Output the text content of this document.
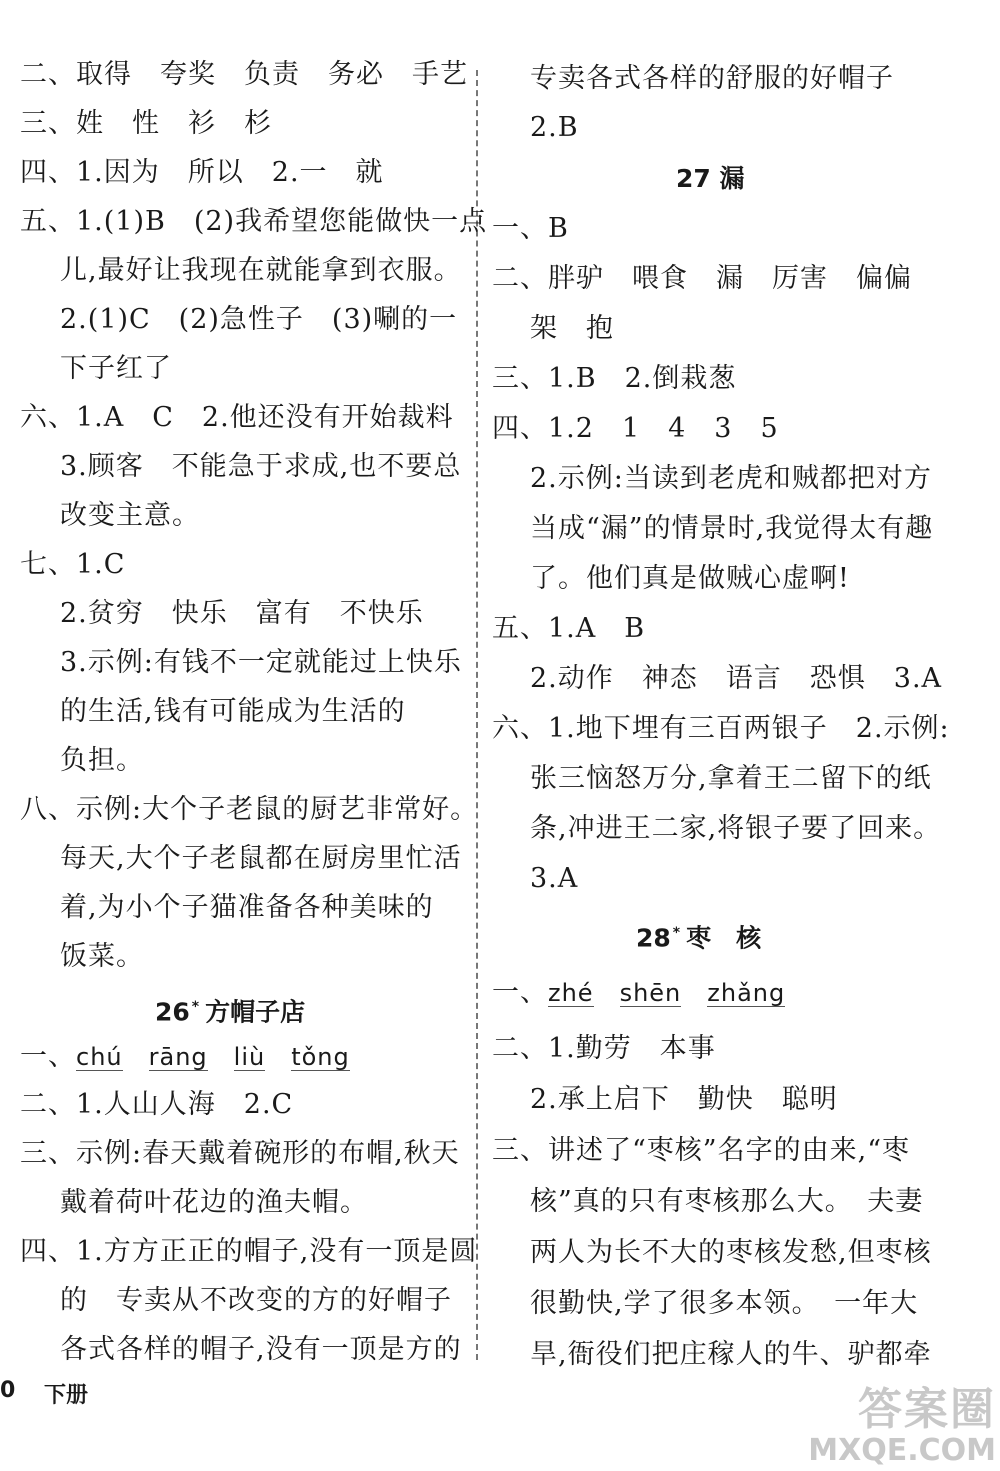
二、取得　夸奖　负责　务必　手艺
三、姓　性　衫　杉
四、1.因为　所以　2.一　就
五、1.(1)B　(2)我希望您能做快一点
儿,最好让我现在就能拿到衣服。
2.(1)C　(2)急性子　(3)唰的一
下子红了
六、1.A　C　2.他还没有开始裁料
3.顾客　不能急于求成,也不要总
改变主意。
七、1.C
2.贫穷　快乐　富有　不快乐
3.示例:有钱不一定就能过上快乐
的生活,钱有可能成为生活的
负担。
八、示例:大个子老鼠的厨艺非常好。
每天,大个子老鼠都在厨房里忙活
着,为小个子猫准备各种美味的
饭菜。
26 * 方帽子店
一、chú rāng liù tǒng
二、1.人山人海　2.C
三、示例:春天戴着碗形的布帽,秋天
戴着荷叶花边的渔夫帽。
四、1.方方正正的帽子,没有一顶是圆
的　专卖从不改变的方的好帽子
各式各样的帽子,没有一顶是方的
专卖各式各样的舒服的好帽子
2.B
27 漏
一、B
二、胖驴　喂食　漏　厉害　偏偏
架　抱
三、1.B　2.倒栽葱
四、1.2　1　4　3　5
2.示例:当读到老虎和贼都把对方
当成“漏”的情景时,我觉得太有趣
了。他们真是做贼心虚啊!
五、1.A　B
2.动作　神态　语言　恐惧　3.A
六、1.地下埋有三百两银子　2.示例:
张三恼怒万分,拿着王二留下的纸
条,冲进王二家,将银子要了回来。
3.A
28 * 枣　核
一、zhé shēn zhǎng
二、1.勤劳　本事
2.承上启下　勤快　聪明
三、讲述了“枣核”名字的由来,“枣
核”真的只有枣核那么大。　夫妻
两人为长不大的枣核发愁,但枣核
很勤快,学了很多本领。　一年大
旱,衙役们把庄稼人的牛、驴都牵
0 下册	答案圈
MXQE.COM
